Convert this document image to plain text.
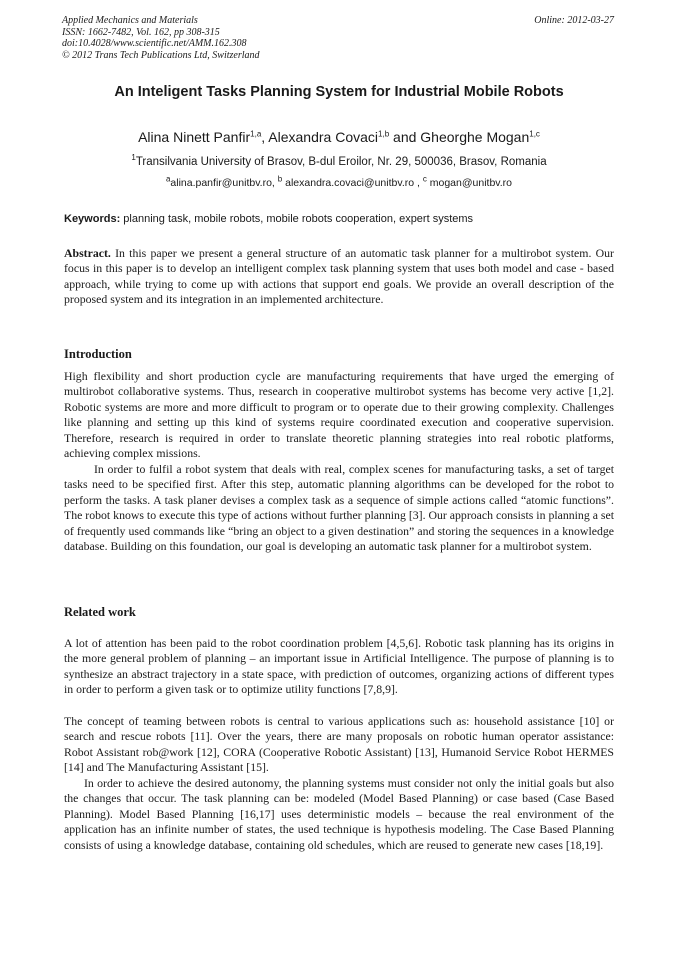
Applied Mechanics and Materials
ISSN: 1662-7482, Vol. 162, pp 308-315
doi:10.4028/www.scientific.net/AMM.162.308
© 2012 Trans Tech Publications Ltd, Switzerland
Online: 2012-03-27
An Inteligent Tasks Planning System for Industrial Mobile Robots
Alina Ninett Panfir$^{1,a}$, Alexandra Covaci$^{1,b}$ and Gheorghe Mogan$^{1,c}$
$^1$Transilvania University of Brasov, B-dul Eroilor, Nr. 29, 500036, Brasov, Romania
$^a$alina.panfir@unitbv.ro, $^b$ alexandra.covaci@unitbv.ro , $^c$ mogan@unitbv.ro
Keywords: planning task, mobile robots, mobile robots cooperation, expert systems
Abstract. In this paper we present a general structure of an automatic task planner for a multirobot system. Our focus in this paper is to develop an intelligent complex task planning system that uses both model and case - based approach, while trying to come up with actions that support end goals. We provide an overall description of the proposed system and its integration in an implemented architecture.
Introduction
High flexibility and short production cycle are manufacturing requirements that have urged the emerging of multirobot collaborative systems. Thus, research in cooperative multirobot systems has become very active [1,2]. Robotic systems are more and more difficult to program or to operate due to their growing complexity. Challenges like planning and setting up this kind of systems require coordinated execution and cooperative supervision. Therefore, research is required in order to translate theoretic planning strategies into real robotic platforms, achieving complex missions.
In order to fulfil a robot system that deals with real, complex scenes for manufacturing tasks, a set of target tasks need to be specified first. After this step, automatic planning algorithms can be developed for the robot to perform the tasks. A task planer devises a complex task as a sequence of simple actions called “atomic functions”. The robot knows to execute this type of actions without further planning [3]. Our approach consists in planning a set of frequently used commands like “bring an object to a given destination” and storing the sequences in a knowledge database. Building on this foundation, our goal is developing an automatic task planner for a multirobot system.
Related work
A lot of attention has been paid to the robot coordination problem [4,5,6]. Robotic task planning has its origins in the more general problem of planning – an important issue in Artificial Intelligence. The purpose of planning is to synthesize an abstract trajectory in a state space, with prediction of outcomes, organizing actions of different types in order to perform a given task or to optimize utility functions [7,8,9].
The concept of teaming between robots is central to various applications such as: household assistance [10] or search and rescue robots [11]. Over the years, there are many proposals on robotic human operator assistance: Robot Assistant rob@work [12], CORA (Cooperative Robotic Assistant) [13], Humanoid Service Robot HERMES [14] and The Manufacturing Assistant [15].
In order to achieve the desired autonomy, the planning systems must consider not only the initial goals but also the changes that occur. The task planning can be: modeled (Model Based Planning) or case based (Case Based Planning). Model Based Planning [16,17] uses deterministic models – because the real environment of the application has an infinite number of states, the used technique is hypothesis modeling. The Case Based Planning consists of using a knowledge database, containing old schedules, which are reused to generate new cases [18,19].
